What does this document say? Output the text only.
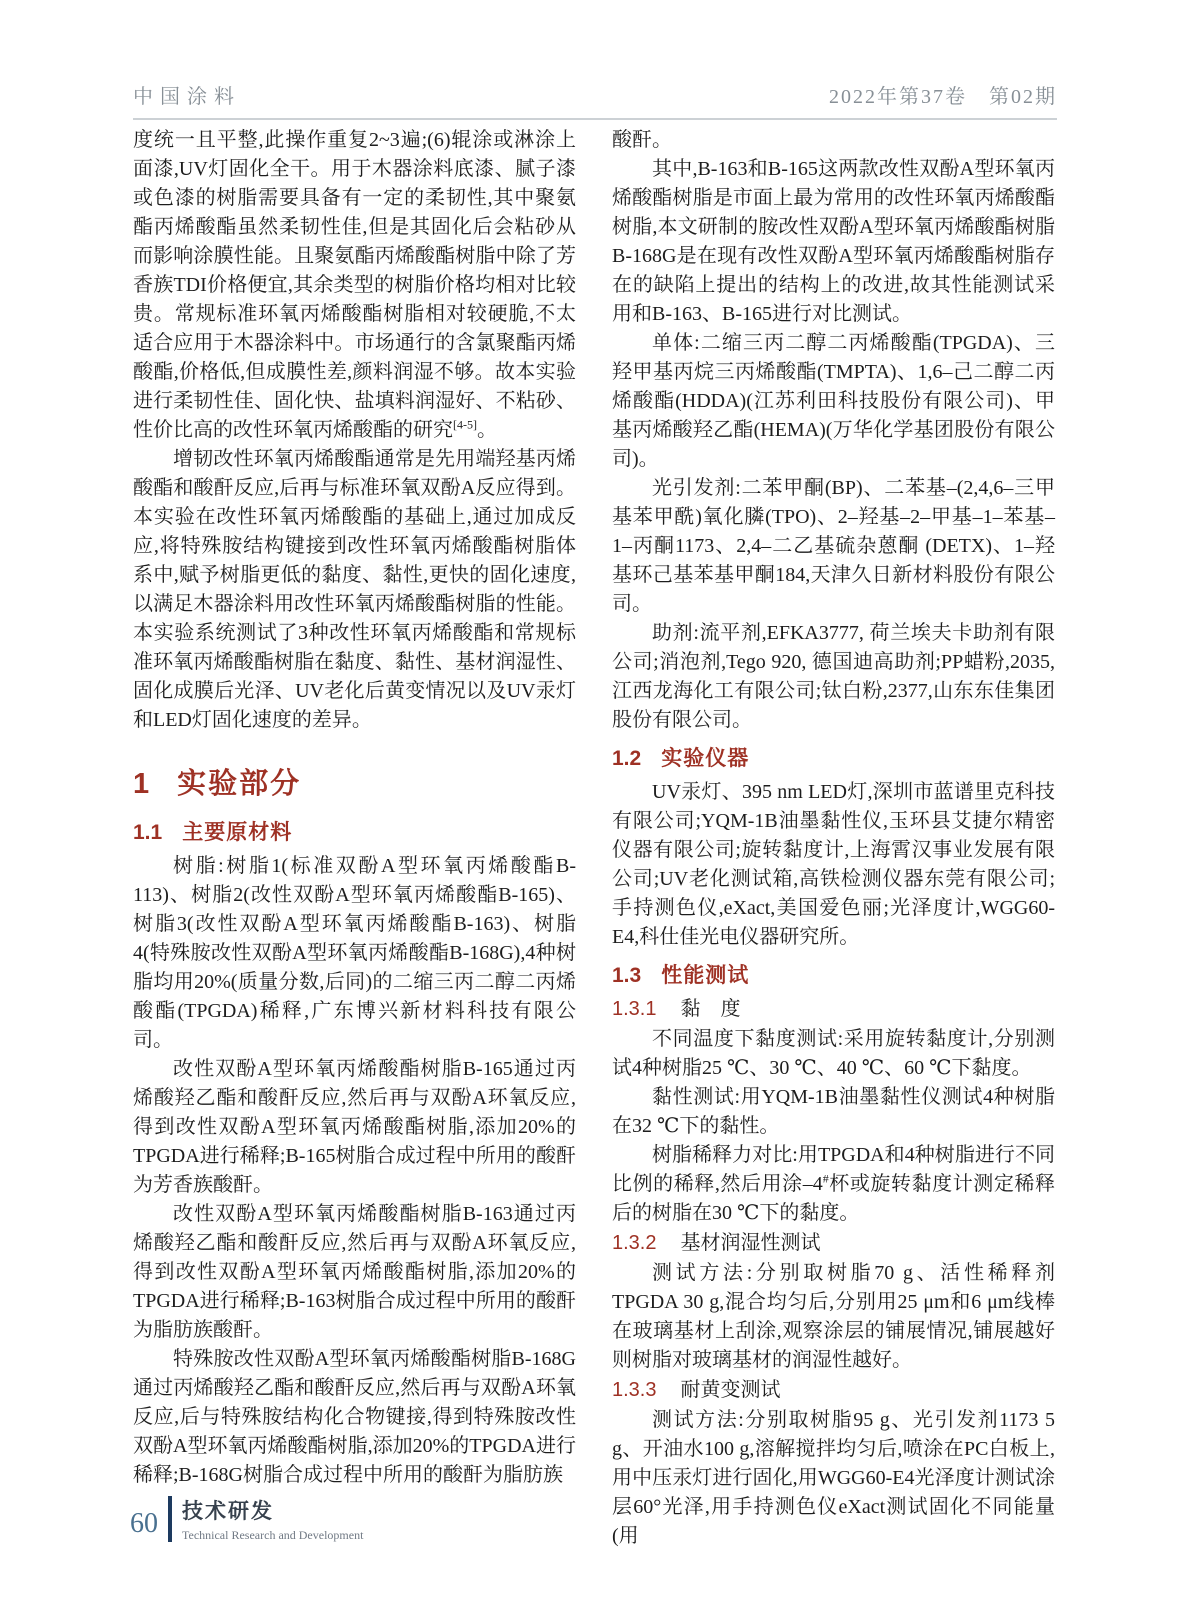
中国涂料	2022年第37卷　第02期

度统一且平整,此操作重复2~3遍;(6)辊涂或淋涂上面漆,UV灯固化全干。用于木器涂料底漆、腻子漆或色漆的树脂需要具备有一定的柔韧性,其中聚氨酯丙烯酸酯虽然柔韧性佳,但是其固化后会粘砂从而影响涂膜性能。且聚氨酯丙烯酸酯树脂中除了芳香族TDI价格便宜,其余类型的树脂价格均相对比较贵。常规标准环氧丙烯酸酯树脂相对较硬脆,不太适合应用于木器涂料中。市场通行的含氯聚酯丙烯酸酯,价格低,但成膜性差,颜料润湿不够。故本实验进行柔韧性佳、固化快、盐填料润湿好、不粘砂、性价比高的改性环氧丙烯酸酯的研究[4-5]。

增韧改性环氧丙烯酸酯通常是先用端羟基丙烯酸酯和酸酐反应,后再与标准环氧双酚A反应得到。本实验在改性环氧丙烯酸酯的基础上,通过加成反应,将特殊胺结构键接到改性环氧丙烯酸酯树脂体系中,赋予树脂更低的黏度、黏性,更快的固化速度,以满足木器涂料用改性环氧丙烯酸酯树脂的性能。本实验系统测试了3种改性环氧丙烯酸酯和常规标准环氧丙烯酸酯树脂在黏度、黏性、基材润湿性、固化成膜后光泽、UV老化后黄变情况以及UV汞灯和LED灯固化速度的差异。

1 实验部分
1.1 主要原材料

树脂:树脂1(标准双酚A型环氧丙烯酸酯B-113)、树脂2(改性双酚A型环氧丙烯酸酯B-165)、树脂3(改性双酚A型环氧丙烯酸酯B-163)、树脂4(特殊胺改性双酚A型环氧丙烯酸酯B-168G),4种树脂均用20%(质量分数,后同)的二缩三丙二醇二丙烯酸酯(TPGDA)稀释,广东博兴新材料科技有限公司。

改性双酚A型环氧丙烯酸酯树脂B-165通过丙烯酸羟乙酯和酸酐反应,然后再与双酚A环氧反应,得到改性双酚A型环氧丙烯酸酯树脂,添加20%的TPGDA进行稀释;B-165树脂合成过程中所用的酸酐为芳香族酸酐。

改性双酚A型环氧丙烯酸酯树脂B-163通过丙烯酸羟乙酯和酸酐反应,然后再与双酚A环氧反应,得到改性双酚A型环氧丙烯酸酯树脂,添加20%的TPGDA进行稀释;B-163树脂合成过程中所用的酸酐为脂肪族酸酐。

特殊胺改性双酚A型环氧丙烯酸酯树脂B-168G通过丙烯酸羟乙酯和酸酐反应,然后再与双酚A环氧反应,后与特殊胺结构化合物键接,得到特殊胺改性双酚A型环氧丙烯酸酯树脂,添加20%的TPGDA进行稀释;B-168G树脂合成过程中所用的酸酐为脂肪族

酸酐。

其中,B-163和B-165这两款改性双酚A型环氧丙烯酸酯树脂是市面上最为常用的改性环氧丙烯酸酯树脂,本文研制的胺改性双酚A型环氧丙烯酸酯树脂B-168G是在现有改性双酚A型环氧丙烯酸酯树脂存在的缺陷上提出的结构上的改进,故其性能测试采用和B-163、B-165进行对比测试。

单体:二缩三丙二醇二丙烯酸酯(TPGDA)、三羟甲基丙烷三丙烯酸酯(TMPTA)、1,6–己二醇二丙烯酸酯(HDDA)(江苏利田科技股份有限公司)、甲基丙烯酸羟乙酯(HEMA)(万华化学基团股份有限公司)。

光引发剂:二苯甲酮(BP)、二苯基–(2,4,6–三甲基苯甲酰)氧化膦(TPO)、2–羟基–2–甲基–1–苯基–1–丙酮1173、2,4–二乙基硫杂蒽酮 (DETX)、1–羟基环己基苯基甲酮184,天津久日新材料股份有限公司。

助剂:流平剂,EFKA3777, 荷兰埃夫卡助剂有限公司;消泡剂,Tego 920, 德国迪高助剂;PP蜡粉,2035,江西龙海化工有限公司;钛白粉,2377,山东东佳集团股份有限公司。

1.2 实验仪器

UV汞灯、395 nm LED灯,深圳市蓝谱里克科技有限公司;YQM-1B油墨黏性仪,玉环县艾捷尔精密仪器有限公司;旋转黏度计,上海霄汉事业发展有限公司;UV老化测试箱,高铁检测仪器东莞有限公司;手持测色仪,eXact,美国爱色丽;光泽度计,WGG60-E4,科仕佳光电仪器研究所。

1.3 性能测试
1.3.1 黏　度

不同温度下黏度测试:采用旋转黏度计,分别测试4种树脂25 ℃、30 ℃、40 ℃、60 ℃下黏度。

黏性测试:用YQM-1B油墨黏性仪测试4种树脂在32 ℃下的黏性。

树脂稀释力对比:用TPGDA和4种树脂进行不同比例的稀释,然后用涂–4#杯或旋转黏度计测定稀释后的树脂在30 ℃下的黏度。

1.3.2 基材润湿性测试

测试方法:分别取树脂70 g、活性稀释剂TPGDA 30 g,混合均匀后,分别用25 μm和6 μm线棒在玻璃基材上刮涂,观察涂层的铺展情况,铺展越好则树脂对玻璃基材的润湿性越好。

1.3.3 耐黄变测试

测试方法:分别取树脂95 g、光引发剂1173 5 g、开油水100 g,溶解搅拌均匀后,喷涂在PC白板上,用中压汞灯进行固化,用WGG60-E4光泽度计测试涂层60°光泽,用手持测色仪eXact测试固化不同能量(用

60 技术研发
Technical Research and Development
